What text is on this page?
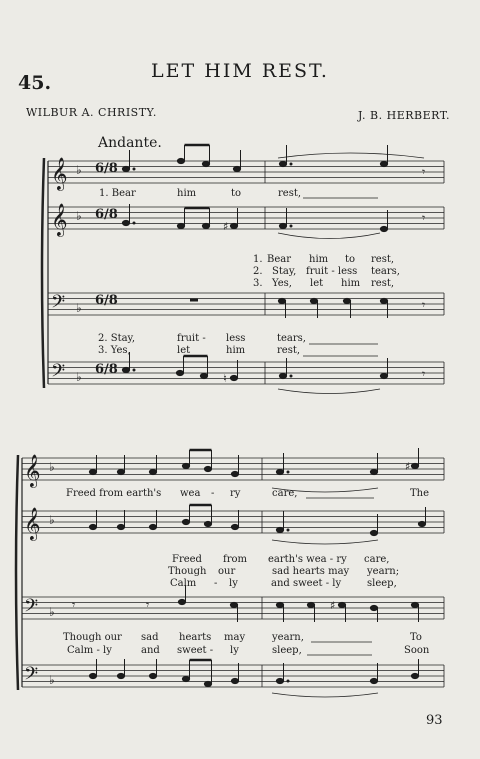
45.
LET HIM REST.
WILBUR A. CHRISTY.	J. B. HERBERT.
Andante.
𝄞
𝄞
𝄢
𝄢
𝄞
𝄞
𝄢
𝄢
♭
♭
♭
♭
♭
♭
♭
♭
6/8
6/8
6/8
6/8
♯
♮
♯
♯
𝄾
𝄾
𝄾
𝄾
𝄾	𝄾
1. Bear	him	to	rest,
1. Bear him to rest,
2. Stay, fruit - less tears,
3. Yes, let him rest,
2. Stay,	fruit - less	tears,
3. Yes,	let	him	rest,
Freed from earth's wea - ry	care,	The
Freed from earth's wea - ry care,
Though our	sad hearts may yearn;
Calm - ly	and sweet - ly	sleep,
Though our sad hearts may	yearn,	To
Calm - ly	and sweet - ly	sleep,	Soon
93
